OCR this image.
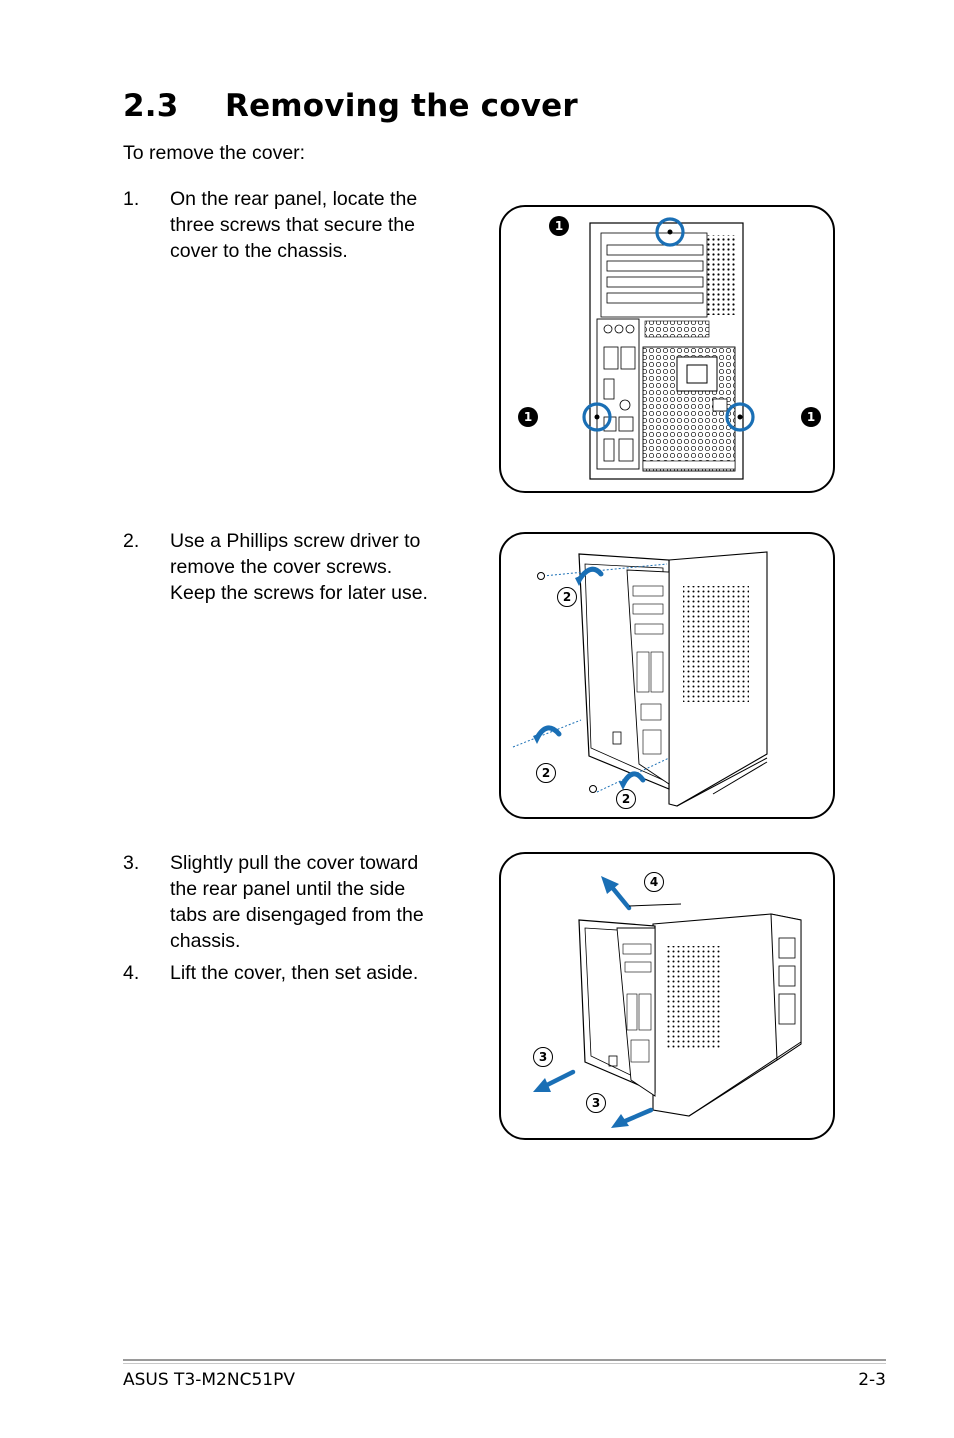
2.3 Removing the cover
To remove the cover:
1. On the rear panel, locate the
three screws that secure the
cover to the chassis.
2. Use a Phillips screw driver to
remove the cover screws.
Keep the screws for later use.
3. Slightly pull the cover toward
the rear panel until the side
tabs are disengaged from the
chassis.
4. Lift the cover, then set aside.
1
1	1
2
2
2
4
3
3
ASUS T3-M2NC51PV	2-3
